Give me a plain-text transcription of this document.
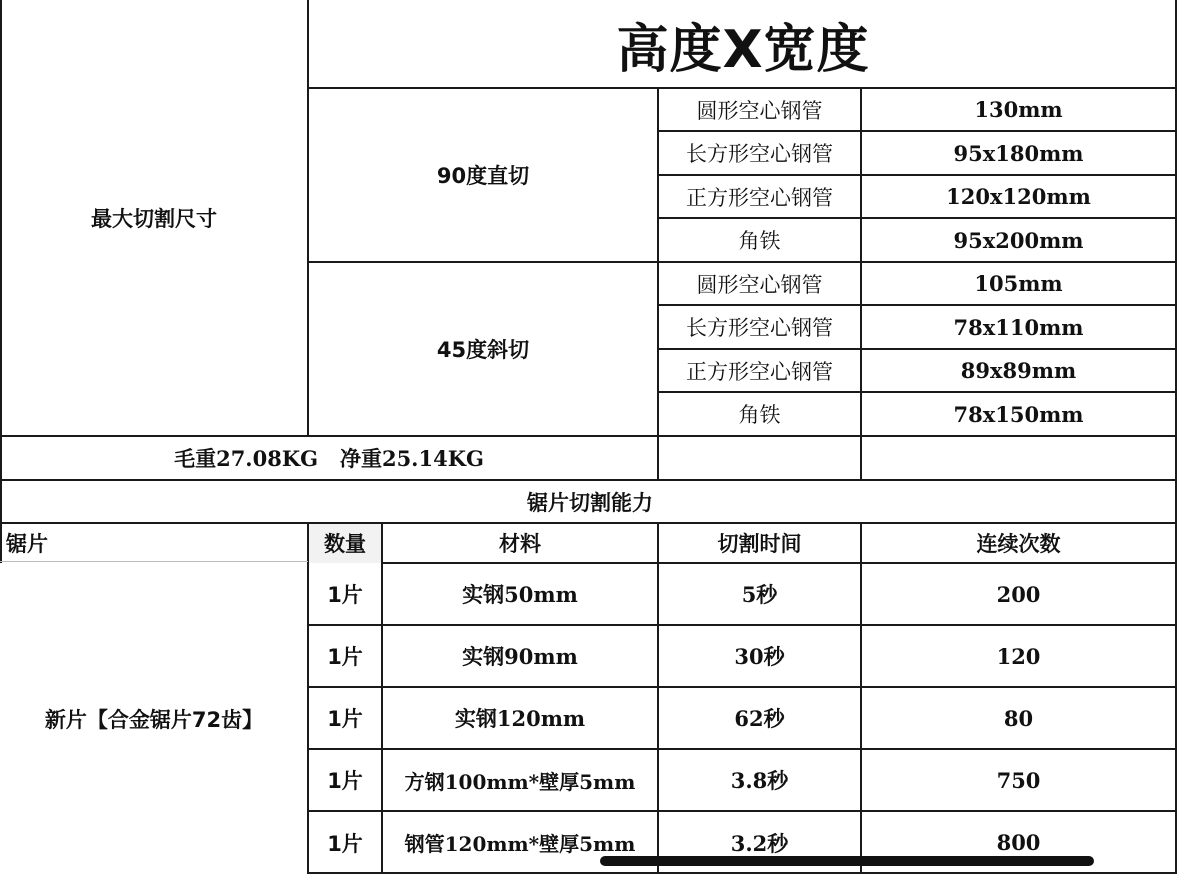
高度X宽度
最大切割尺寸
90度直切
45度斜切
圆形空心钢管	130mm
长方形空心钢管	95x180mm
正方形空心钢管	120x120mm
角铁	95x200mm
圆形空心钢管	105mm
长方形空心钢管	78x110mm
正方形空心钢管	89x89mm
角铁	78x150mm
毛重27.08KG   净重25.14KG
锯片切割能力
锯片	数量	材料	切割时间	连续次数
新片【合金锯片72齿】
1片	实钢50mm	5秒	200
1片	实钢90mm	30秒	120
1片	实钢120mm	62秒	80
1片	方钢100mm*壁厚5mm	3.8秒	750
1片	钢管120mm*壁厚5mm	3.2秒	800
